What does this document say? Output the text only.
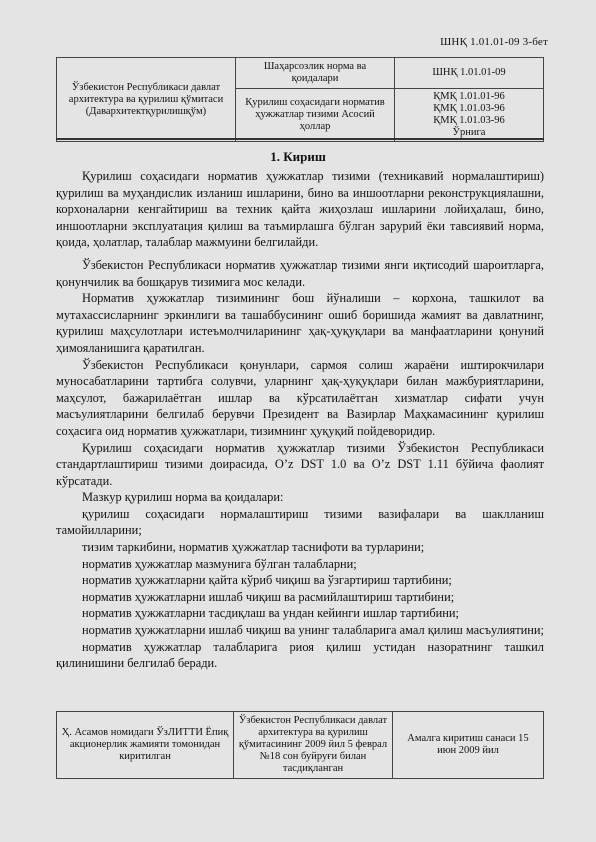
ШНҚ 1.01.01-09 3-бет
Ўзбекистон Республикаси давлат архитектура ва қурилиш қўмитаси (Давархитектқурилишқўм)	Шаҳарсозлик норма ва қоидалари	ШНҚ 1.01.01-09
	Қурилиш соҳасидаги норматив ҳужжатлар тизими Асосий ҳоллар	ҚМҚ 1.01.01-96
ҚМҚ 1.01.03-96
ҚМҚ 1.01.03-96
Ўрнига
1. Кириш

Қурилиш соҳасидаги норматив ҳужжатлар тизими (техникавий нормалаштириш) қурилиш ва муҳандислик изланиш ишларини, бино ва иншоотларни реконструкциялашни, корхоналарни кенгайтириш ва техник қайта жиҳозлаш ишларини лойиҳалаш, бино, иншоотларни эксплуатация қилиш ва таъмирлашга бўлган зарурий ёки тавсиявий норма, қоида, ҳолатлар, талаблар мажмуини белгилайди.

Ўзбекистон Республикаси норматив ҳужжатлар тизими янги иқтисодий шароитларга, қонунчилик ва бошқарув тизимига мос келади.

Норматив ҳужжатлар тизимининг бош йўналиши – корхона, ташкилот ва мутахассисларнинг эркинлиги ва ташаббусининг ошиб боришида жамият ва давлатнинг, қурилиш маҳсулотлари истеъмолчиларининг ҳақ-ҳуқуқлари ва манфаатларини қонуний ҳимояланишига қаратилган.

Ўзбекистон Республикаси қонунлари, сармоя солиш жараёни иштирокчилари муносабатларини тартибга солувчи, уларнинг ҳақ-ҳуқуқлари билан мажбуриятларини, маҳсулот, бажарилаётган ишлар ва кўрсатилаётган хизматлар сифати учун масъулиятларини белгилаб берувчи Президент ва Вазирлар Маҳкамасининг қурилиш соҳасига оид норматив ҳужжатлари, тизимнинг ҳуқуқий пойдеворидир.

Қурилиш соҳасидаги норматив ҳужжатлар тизими Ўзбекистон Республикаси стандартлаштириш тизими доирасида, O’z DST 1.0 ва O’z DST 1.11 бўйича фаолият кўрсатади.

Мазкур қурилиш норма ва қоидалари:

қурилиш соҳасидаги нормалаштириш тизими вазифалари ва шаклланиш тамойилларини;

тизим таркибини, норматив ҳужжатлар таснифоти ва турларини;

норматив ҳужжатлар мазмунига бўлган талабларни;

норматив ҳужжатларни қайта кўриб чиқиш ва ўзгартириш тартибини;

норматив ҳужжатларни ишлаб чиқиш ва расмийлаштириш тартибини;

норматив ҳужжатларни тасдиқлаш ва ундан кейинги ишлар тартибини;

норматив ҳужжатларни ишлаб чиқиш ва унинг талабларига амал қилиш масъулиятини;

норматив ҳужжатлар талабларига риоя қилиш устидан назоратнинг ташкил қилинишини белгилаб беради.

Ҳ. Асамов номидаги ЎзЛИТТИ Ёпиқ акционерлик жамияти томонидан киритилган	Ўзбекистон Республикаси давлат архитектура ва қурилиш қўмитасининг 2009 йил 5 феврал №18 сон буйруғи билан тасдиқланган	Амалга киритиш санаси 15 июн 2009 йил
